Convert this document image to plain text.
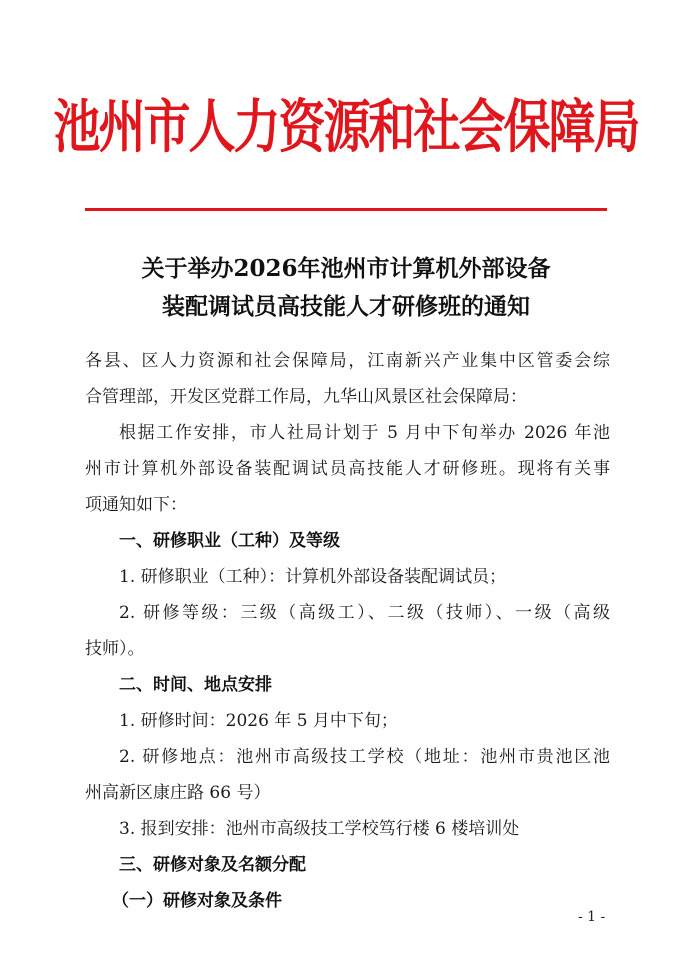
池州市人力资源和社会保障局
关于举办2026年池州市计算机外部设备
装配调试员高技能人才研修班的通知
各县、区人力资源和社会保障局，江南新兴产业集中区管委会综
合管理部，开发区党群工作局，九华山风景区社会保障局：
根据工作安排，市人社局计划于 5 月中下旬举办 2026 年池
州市计算机外部设备装配调试员高技能人才研修班。现将有关事
项通知如下：
一、研修职业（工种）及等级
1. 研修职业（工种）：计算机外部设备装配调试员；
2. 研修等级：三级（高级工）、二级（技师）、一级（高级
技师）。
二、时间、地点安排
1. 研修时间：2026 年 5 月中下旬；
2. 研修地点：池州市高级技工学校（地址：池州市贵池区池
州高新区康庄路 66 号）
3. 报到安排：池州市高级技工学校笃行楼 6 楼培训处
三、研修对象及名额分配
（一）研修对象及条件
- 1 -
